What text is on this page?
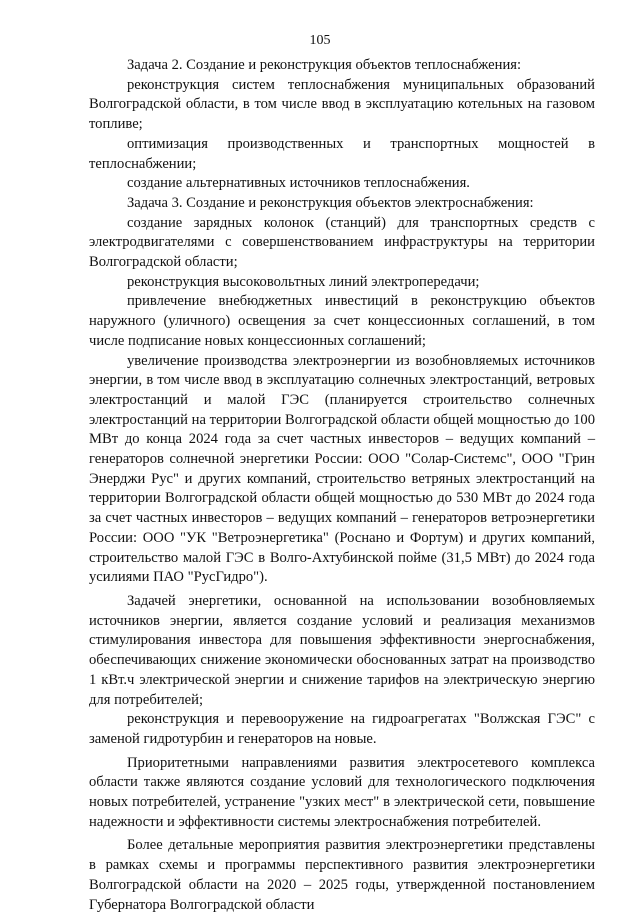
105

Задача 2. Создание и реконструкция объектов теплоснабжения:

реконструкция систем теплоснабжения муниципальных образований Волгоградской области, в том числе ввод в эксплуатацию котельных на газовом топливе;

оптимизация производственных и транспортных мощностей в теплоснабжении;

создание альтернативных источников теплоснабжения.

Задача 3. Создание и реконструкция объектов электроснабжения:

создание зарядных колонок (станций) для транспортных средств с электродвигателями с совершенствованием инфраструктуры на территории Волгоградской области;

реконструкция высоковольтных линий электропередачи;

привлечение внебюджетных инвестиций в реконструкцию объектов наружного (уличного) освещения за счет концессионных соглашений, в том числе подписание новых концессионных соглашений;

увеличение производства электроэнергии из возобновляемых источников энергии, в том числе ввод в эксплуатацию солнечных электростанций, ветровых электростанций и малой ГЭС (планируется строительство солнечных электростанций на территории Волгоградской области общей мощностью до 100 МВт до конца 2024 года за счет частных инвесторов – ведущих компаний – генераторов солнечной энергетики России: ООО "Солар-Системс", ООО "Грин Энерджи Рус" и других компаний, строительство ветряных электростанций на территории Волгоградской области общей мощностью до 530 МВт до 2024 года за счет частных инвесторов – ведущих компаний – генераторов ветроэнергетики России: ООО "УК "Ветроэнергетика" (Роснано и Фортум) и других компаний, строительство малой ГЭС в Волго-Ахтубинской пойме (31,5 МВт) до 2024 года усилиями ПАО "РусГидро").

Задачей энергетики, основанной на использовании возобновляемых источников энергии, является создание условий и реализация механизмов стимулирования инвестора для повышения эффективности энергоснабжения, обеспечивающих снижение экономически обоснованных затрат на производство 1 кВт.ч электрической энергии и снижение тарифов на электрическую энергию для потребителей;

реконструкция и перевооружение на гидроагрегатах "Волжская ГЭС" с заменой гидротурбин и генераторов на новые.

Приоритетными направлениями развития электросетевого комплекса области также являются создание условий для технологического подключения новых потребителей, устранение "узких мест" в электрической сети, повышение надежности и эффективности системы электроснабжения потребителей.

Более детальные мероприятия развития электроэнергетики представлены в рамках схемы и программы перспективного развития электроэнергетики Волгоградской области на 2020 – 2025 годы, утвержденной постановлением Губернатора Волгоградской области
